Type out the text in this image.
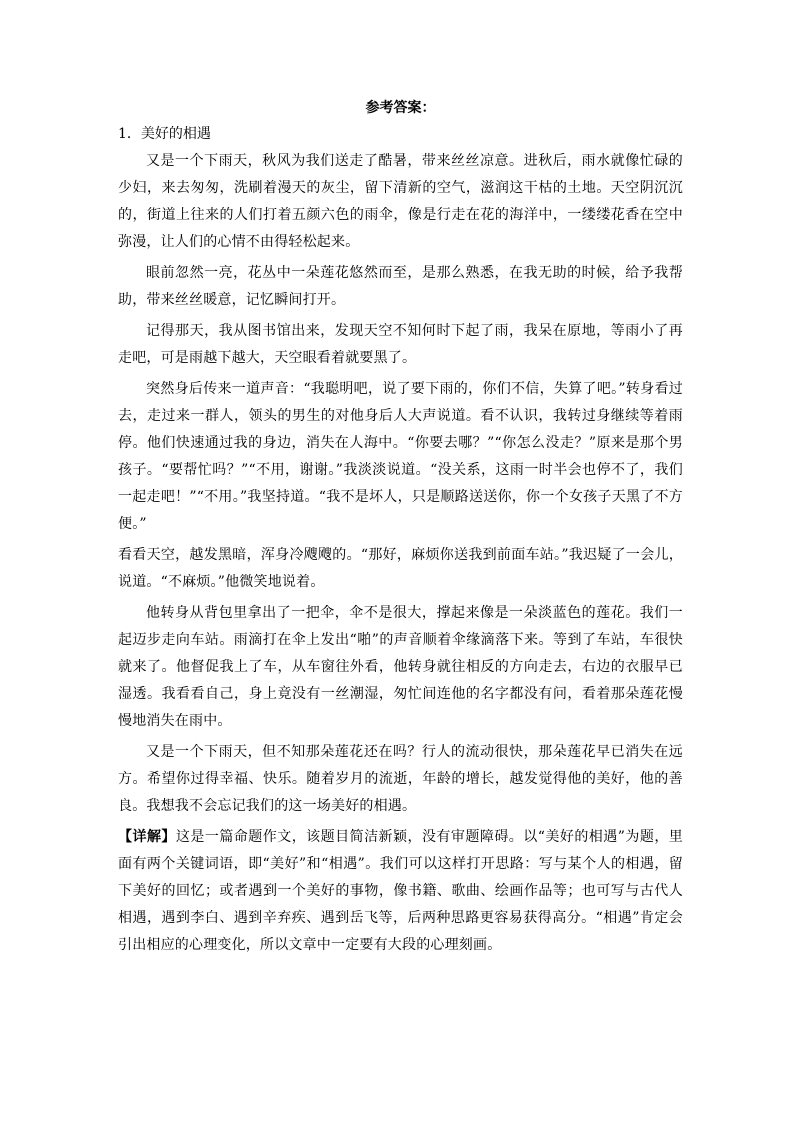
参考答案：
1．美好的相遇

又是一个下雨天，秋风为我们送走了酷暑，带来丝丝凉意。进秋后，雨水就像忙碌的少妇，来去匆匆，洗刷着漫天的灰尘，留下清新的空气，滋润这干枯的土地。天空阴沉沉的，街道上往来的人们打着五颜六色的雨伞，像是行走在花的海洋中，一缕缕花香在空中弥漫，让人们的心情不由得轻松起来。

眼前忽然一亮，花丛中一朵莲花悠然而至，是那么熟悉，在我无助的时候，给予我帮助，带来丝丝暖意，记忆瞬间打开。

记得那天，我从图书馆出来，发现天空不知何时下起了雨，我呆在原地，等雨小了再走吧，可是雨越下越大，天空眼看着就要黑了。

突然身后传来一道声音：“我聪明吧，说了要下雨的，你们不信，失算了吧。”转身看过去，走过来一群人，领头的男生的对他身后人大声说道。看不认识，我转过身继续等着雨停。他们快速通过我的身边，消失在人海中。“你要去哪？”“你怎么没走？”原来是那个男孩子。“要帮忙吗？”“不用，谢谢。”我淡淡说道。“没关系，这雨一时半会也停不了，我们一起走吧！”“不用。”我坚持道。“我不是坏人，只是顺路送送你，你一个女孩子天黑了不方便。”

看看天空，越发黑暗，浑身冷飕飕的。“那好，麻烦你送我到前面车站。”我迟疑了一会儿，说道。“不麻烦。”他微笑地说着。

他转身从背包里拿出了一把伞，伞不是很大，撑起来像是一朵淡蓝色的莲花。我们一起迈步走向车站。雨滴打在伞上发出“啪”的声音顺着伞缘滴落下来。等到了车站，车很快就来了。他督促我上了车，从车窗往外看，他转身就往相反的方向走去，右边的衣服早已湿透。我看看自己，身上竟没有一丝潮湿，匆忙间连他的名字都没有问，看着那朵莲花慢慢地消失在雨中。

又是一个下雨天，但不知那朵莲花还在吗？行人的流动很快，那朵莲花早已消失在远方。希望你过得幸福、快乐。随着岁月的流逝，年龄的增长，越发觉得他的美好，他的善良。我想我不会忘记我们的这一场美好的相遇。

【详解】这是一篇命题作文，该题目简洁新颖，没有审题障碍。以“美好的相遇”为题，里面有两个关键词语，即“美好”和“相遇”。我们可以这样打开思路：写与某个人的相遇，留下美好的回忆；或者遇到一个美好的事物，像书籍、歌曲、绘画作品等；也可写与古代人相遇，遇到李白、遇到辛弃疾、遇到岳飞等，后两种思路更容易获得高分。“相遇”肯定会引出相应的心理变化，所以文章中一定要有大段的心理刻画。
